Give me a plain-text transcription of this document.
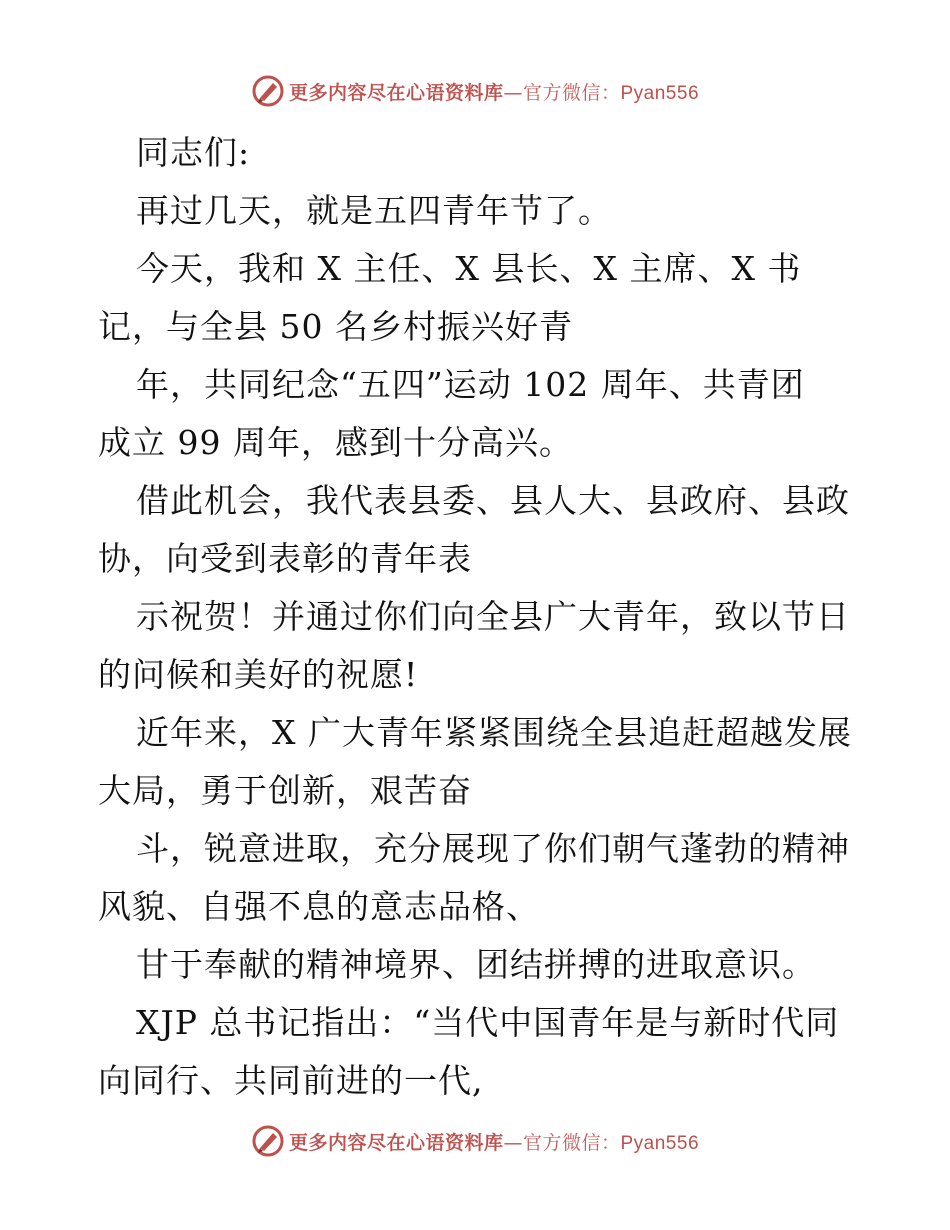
更多内容尽在心语资料库—官方微信：Pyan556
同志们:
再过几天，就是五四青年节了。
今天，我和 X 主任、X 县长、X 主席、X 书
记，与全县 50 名乡村振兴好青
年，共同纪念“五四”运动 102 周年、共青团
成立 99 周年，感到十分高兴。
借此机会，我代表县委、县人大、县政府、县政
协，向受到表彰的青年表
示祝贺！并通过你们向全县广大青年，致以节日
的问候和美好的祝愿!
近年来，X 广大青年紧紧围绕全县追赶超越发展
大局，勇于创新，艰苦奋
斗，锐意进取，充分展现了你们朝气蓬勃的精神
风貌、自强不息的意志品格、
甘于奉献的精神境界、团结拼搏的进取意识。
XJP 总书记指出：“当代中国青年是与新时代同
向同行、共同前进的一代,
更多内容尽在心语资料库—官方微信：Pyan556
